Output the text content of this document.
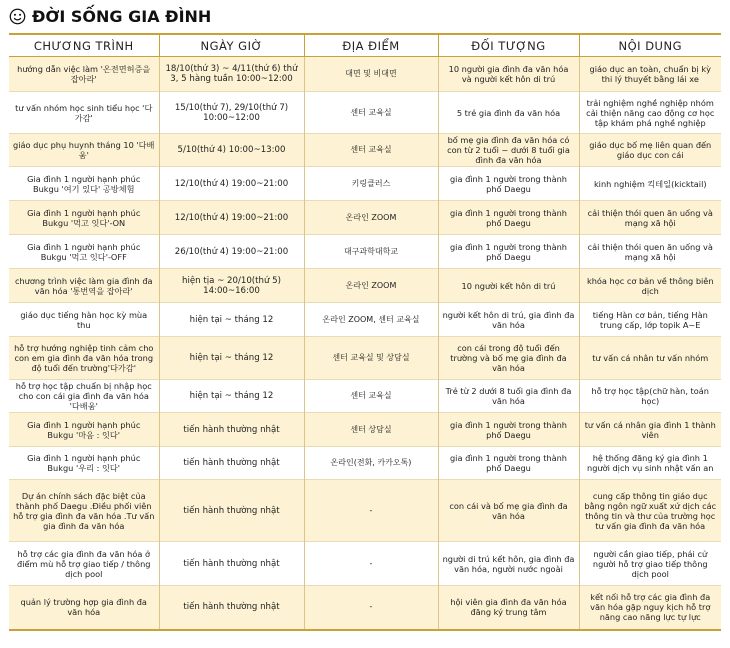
ĐỜI SỐNG GIA ĐÌNH
CHƯƠNG TRÌNH	NGÀY GIỜ	ĐỊA ĐIỂM	ĐỐI TƯỢNG	NỘI DUNG
hướng dẫn việc làm '온전면허증을 잡아라'	18/10(thứ 3) ~ 4/11(thứ 6) thứ 3, 5 hàng tuần 10:00~12:00	대면 및 비대면	10 người gia đình đa văn hóa và người kết hôn di trú	giáo dục an toàn, chuẩn bị kỳ thi lý thuyết bằng lái xe
tư vấn nhóm học sinh tiểu học '다가감'	15/10(thứ 7), 29/10(thứ 7) 10:00~12:00	센터 교육실	5 trẻ gia đình đa văn hóa	trải nghiệm nghề nghiệp nhóm cải thiện năng cao động cơ học tập khám phá nghề nghiệp
giáo dục phụ huynh tháng 10 '다배움'	5/10(thứ 4) 10:00~13:00	센터 교육실	bố mẹ gia đình đa văn hóa có con từ 2 tuổi ~ dưới 8 tuổi gia đình đa văn hóa	giáo dục bố mẹ liên quan đến giáo dục con cái
Gia đình 1 người hạnh phúc Bukgu '여기 있다' 공방체험	12/10(thứ 4) 19:00~21:00	키링클러스	gia đình 1 người trong thành phố Daegu	kinh nghiệm 킥테일(kicktail)
Gia đình 1 người hạnh phúc Bukgu '먹고 잇다'-ON	12/10(thứ 4) 19:00~21:00	온라인 ZOOM	gia đình 1 người trong thành phố Daegu	cải thiện thói quen ăn uống và mạng xã hội
Gia đình 1 người hạnh phúc Bukgu '먹고 잇다'-OFF	26/10(thứ 4) 19:00~21:00	대구과학대학교	gia đình 1 người trong thành phố Daegu	cải thiện thói quen ăn uống và mạng xã hội
chương trình việc làm gia đình đa văn hóa '통번역을 잡아라'	hiện tịa ~ 20/10(thứ 5) 14:00~16:00	온라인 ZOOM	10 người kết hôn di trú	khóa học cơ bản về thông biên dịch
giáo dục tiếng hàn học kỳ mùa thu	hiện tại ~ tháng 12	온라인 ZOOM, 센터 교육실	người kết hôn di trú, gia đình đa văn hóa	tiếng Hàn cơ bản, tiếng Hàn trung cấp, lớp topik A~E
hỗ trợ hướng nghiệp tinh cảm cho con em gia đình đa văn hóa trong độ tuổi đến trường'다가감'	hiện tại ~ tháng 12	센터 교육실 및 상담실	con cái trong độ tuổi đến trường và bố mẹ gia đình đa văn hóa	tư vấn cá nhân tư vấn nhóm
hỗ trợ học tập chuẩn bị nhập học cho con cái gia đình đa văn hóa '다배움'	hiện tại ~ tháng 12	센터 교육실	Trẻ từ 2 dưới 8 tuổi gia đình đa văn hóa	hỗ trợ học tập(chữ hàn, toán học)
Gia đình 1 người hạnh phúc Bukgu '마음 : 잇다'	tiến hành thường nhật	센터 상담실	gia đình 1 người trong thành phố Daegu	tư vấn cá nhân gia đình 1 thành viên
Gia đình 1 người hạnh phúc Bukgu '우리 : 잇다'	tiến hành thường nhật	온라인(전화, 카카오톡)	gia đình 1 người trong thành phố Daegu	hệ thống đăng ký gia đình 1 người dịch vụ sinh nhật vấn an
Dự án chính sách đặc biệt của thành phố Daegu .Điều phối viên hỗ trợ gia đình đa văn hóa .Tư vấn gia đình đa văn hóa	tiến hành thường nhật	-	con cái và bố mẹ gia đình đa văn hóa	cung cấp thông tin giáo dục bằng ngôn ngữ xuất xứ dịch các thông tin và thư của trường học tư vấn gia đình đa văn hóa
hỗ trợ các gia đình đa văn hóa ở điểm mù hỗ trợ giao tiếp / thông dịch pool	tiến hành thường nhật	-	người di trú kết hôn, gia đình đa văn hóa, người nước ngoài	người cần giao tiếp, phái cử người hỗ trợ giao tiếp thông dịch pool
quản lý trường hợp gia đình đa văn hóa	tiến hành thường nhật	-	hội viên gia đình đa văn hóa đăng ký trung tâm	kết nối hỗ trợ các gia đình đa văn hóa gặp nguy kịch hỗ trợ năng cao năng lực tự lực
